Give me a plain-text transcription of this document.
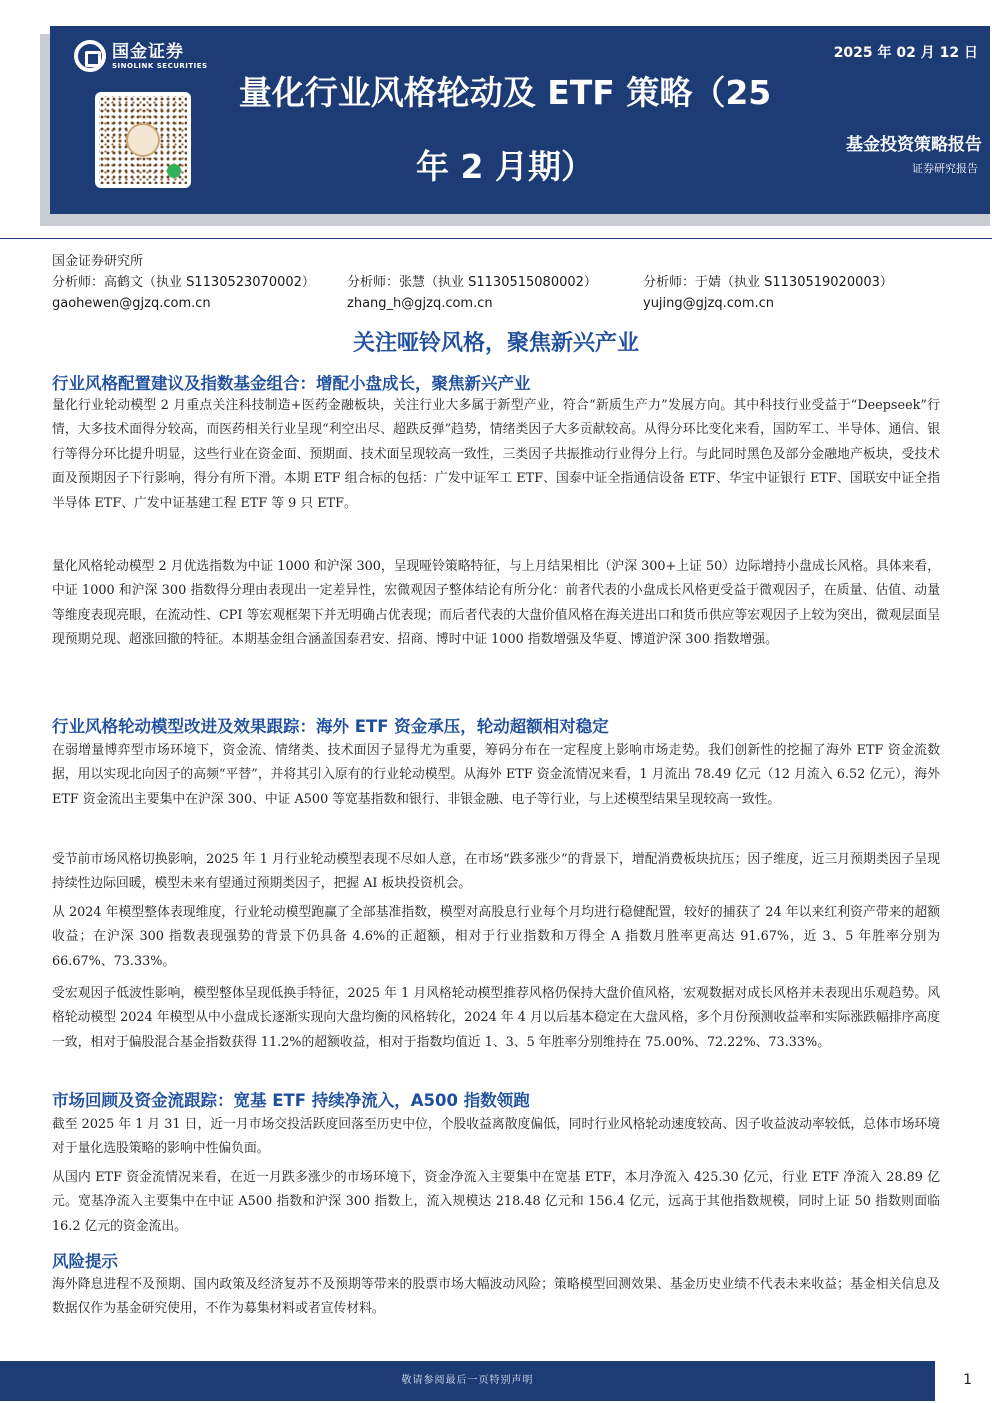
国金证券
SINOLINK SECURITIES
量化行业风格轮动及 ETF 策略（25 年 2 月期）
2025 年 02 月 12 日
基金投资策略报告
证券研究报告
国金证券研究所
分析师：高鹤文（执业 S1130523070002）
gaohewen@gjzq.com.cn
分析师：张慧（执业 S1130515080002）
zhang_h@gjzq.com.cn
分析师：于婧（执业 S1130519020003）
yujing@gjzq.com.cn
关注哑铃风格，聚焦新兴产业
行业风格配置建议及指数基金组合：增配小盘成长，聚焦新兴产业
量化行业轮动模型 2 月重点关注科技制造+医药金融板块，关注行业大多属于新型产业，符合“新质生产力”发展方向。其中科技行业受益于“Deepseek”行情，大多技术面得分较高，而医药相关行业呈现“利空出尽、超跌反弹”趋势，情绪类因子大多贡献较高。从得分环比变化来看，国防军工、半导体、通信、银行等得分环比提升明显，这些行业在资金面、预期面、技术面呈现较高一致性，三类因子共振推动行业得分上行。与此同时黑色及部分金融地产板块，受技术面及预期因子下行影响，得分有所下滑。本期 ETF 组合标的包括：广发中证军工 ETF、国泰中证全指通信设备 ETF、华宝中证银行 ETF、国联安中证全指半导体 ETF、广发中证基建工程 ETF 等 9 只 ETF。
量化风格轮动模型 2 月优选指数为中证 1000 和沪深 300，呈现哑铃策略特征，与上月结果相比（沪深 300+上证 50）边际增持小盘成长风格。具体来看，中证 1000 和沪深 300 指数得分理由表现出一定差异性，宏微观因子整体结论有所分化：前者代表的小盘成长风格更受益于微观因子，在质量、估值、动量等维度表现亮眼，在流动性、CPI 等宏观框架下并无明确占优表现；而后者代表的大盘价值风格在海关进出口和货币供应等宏观因子上较为突出，微观层面呈现预期兑现、超涨回撤的特征。本期基金组合涵盖国泰君安、招商、博时中证 1000 指数增强及华夏、博道沪深 300 指数增强。
行业风格轮动模型改进及效果跟踪：海外 ETF 资金承压，轮动超额相对稳定
在弱增量博弈型市场环境下，资金流、情绪类、技术面因子显得尤为重要，筹码分布在一定程度上影响市场走势。我们创新性的挖掘了海外 ETF 资金流数据，用以实现北向因子的高频“平替”，并将其引入原有的行业轮动模型。从海外 ETF 资金流情况来看，1 月流出 78.49 亿元（12 月流入 6.52 亿元），海外 ETF 资金流出主要集中在沪深 300、中证 A500 等宽基指数和银行、非银金融、电子等行业，与上述模型结果呈现较高一致性。
受节前市场风格切换影响，2025 年 1 月行业轮动模型表现不尽如人意，在市场“跌多涨少”的背景下，增配消费板块抗压；因子维度，近三月预期类因子呈现持续性边际回暖，模型未来有望通过预期类因子，把握 AI 板块投资机会。
从 2024 年模型整体表现维度，行业轮动模型跑赢了全部基准指数，模型对高股息行业每个月均进行稳健配置，较好的捕获了 24 年以来红利资产带来的超额收益；在沪深 300 指数表现强势的背景下仍具备 4.6%的正超额，相对于行业指数和万得全 A 指数月胜率更高达 91.67%，近 3、5 年胜率分别为 66.67%、73.33%。
受宏观因子低波性影响，模型整体呈现低换手特征，2025 年 1 月风格轮动模型推荐风格仍保持大盘价值风格，宏观数据对成长风格并未表现出乐观趋势。风格轮动模型 2024 年模型从中小盘成长逐渐实现向大盘均衡的风格转化，2024 年 4 月以后基本稳定在大盘风格，多个月份预测收益率和实际涨跌幅排序高度一致，相对于偏股混合基金指数获得 11.2%的超额收益，相对于指数均值近 1、3、5 年胜率分别维持在 75.00%、72.22%、73.33%。
市场回顾及资金流跟踪：宽基 ETF 持续净流入，A500 指数领跑
截至 2025 年 1 月 31 日，近一月市场交投活跃度回落至历史中位，个股收益离散度偏低，同时行业风格轮动速度较高、因子收益波动率较低，总体市场环境对于量化选股策略的影响中性偏负面。
从国内 ETF 资金流情况来看，在近一月跌多涨少的市场环境下，资金净流入主要集中在宽基 ETF，本月净流入 425.30 亿元，行业 ETF 净流入 28.89 亿元。宽基净流入主要集中在中证 A500 指数和沪深 300 指数上，流入规模达 218.48 亿元和 156.4 亿元，远高于其他指数规模，同时上证 50 指数则面临 16.2 亿元的资金流出。
风险提示
海外降息进程不及预期、国内政策及经济复苏不及预期等带来的股票市场大幅波动风险；策略模型回测效果、基金历史业绩不代表未来收益；基金相关信息及数据仅作为基金研究使用，不作为募集材料或者宣传材料。
敬请参阅最后一页特别声明	1
